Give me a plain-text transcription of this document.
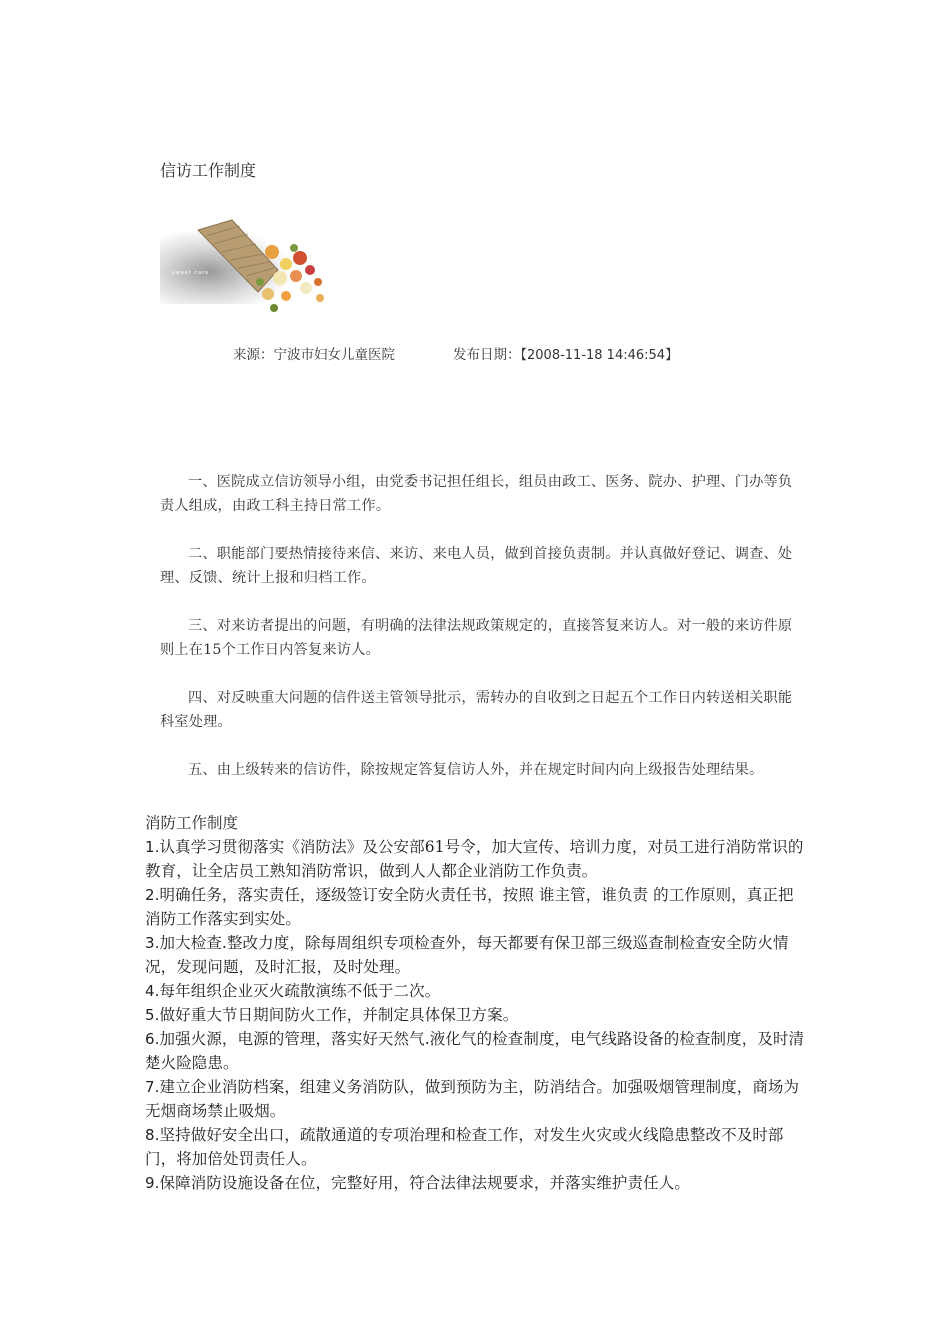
信访工作制度
sweet care
来源：宁波市妇女儿童医院	发布日期：【2008-11-18 14:46:54】

一、医院成立信访领导小组，由党委书记担任组长，组员由政工、医务、院办、护理、门办等负责人组成，由政工科主持日常工作。

二、职能部门要热情接待来信、来访、来电人员，做到首接负责制。并认真做好登记、调查、处理、反馈、统计上报和归档工作。

三、对来访者提出的问题，有明确的法律法规政策规定的，直接答复来访人。对一般的来访件原则上在15个工作日内答复来访人。

四、对反映重大问题的信件送主管领导批示，需转办的自收到之日起五个工作日内转送相关职能科室处理。

五、由上级转来的信访件，除按规定答复信访人外，并在规定时间内向上级报告处理结果。

消防工作制度
1.认真学习贯彻落实《消防法》及公安部61号令，加大宣传、培训力度，对员工进行消防常识的教育，让全店员工熟知消防常识，做到人人都企业消防工作负责。
2.明确任务，落实责任，逐级签订安全防火责任书，按照 谁主管，谁负责 的工作原则，真正把消防工作落实到实处。
3.加大检查.整改力度，除每周组织专项检查外，每天都要有保卫部三级巡查制检查安全防火情况，发现问题，及时汇报，及时处理。
4.每年组织企业灭火疏散演练不低于二次。
5.做好重大节日期间防火工作，并制定具体保卫方案。
6.加强火源，电源的管理，落实好天然气.液化气的检查制度，电气线路设备的检查制度，及时清楚火险隐患。
7.建立企业消防档案，组建义务消防队，做到预防为主，防消结合。加强吸烟管理制度，商场为无烟商场禁止吸烟。
8.坚持做好安全出口，疏散通道的专项治理和检查工作，对发生火灾或火线隐患整改不及时部门，将加倍处罚责任人。
9.保障消防设施设备在位，完整好用，符合法律法规要求，并落实维护责任人。
